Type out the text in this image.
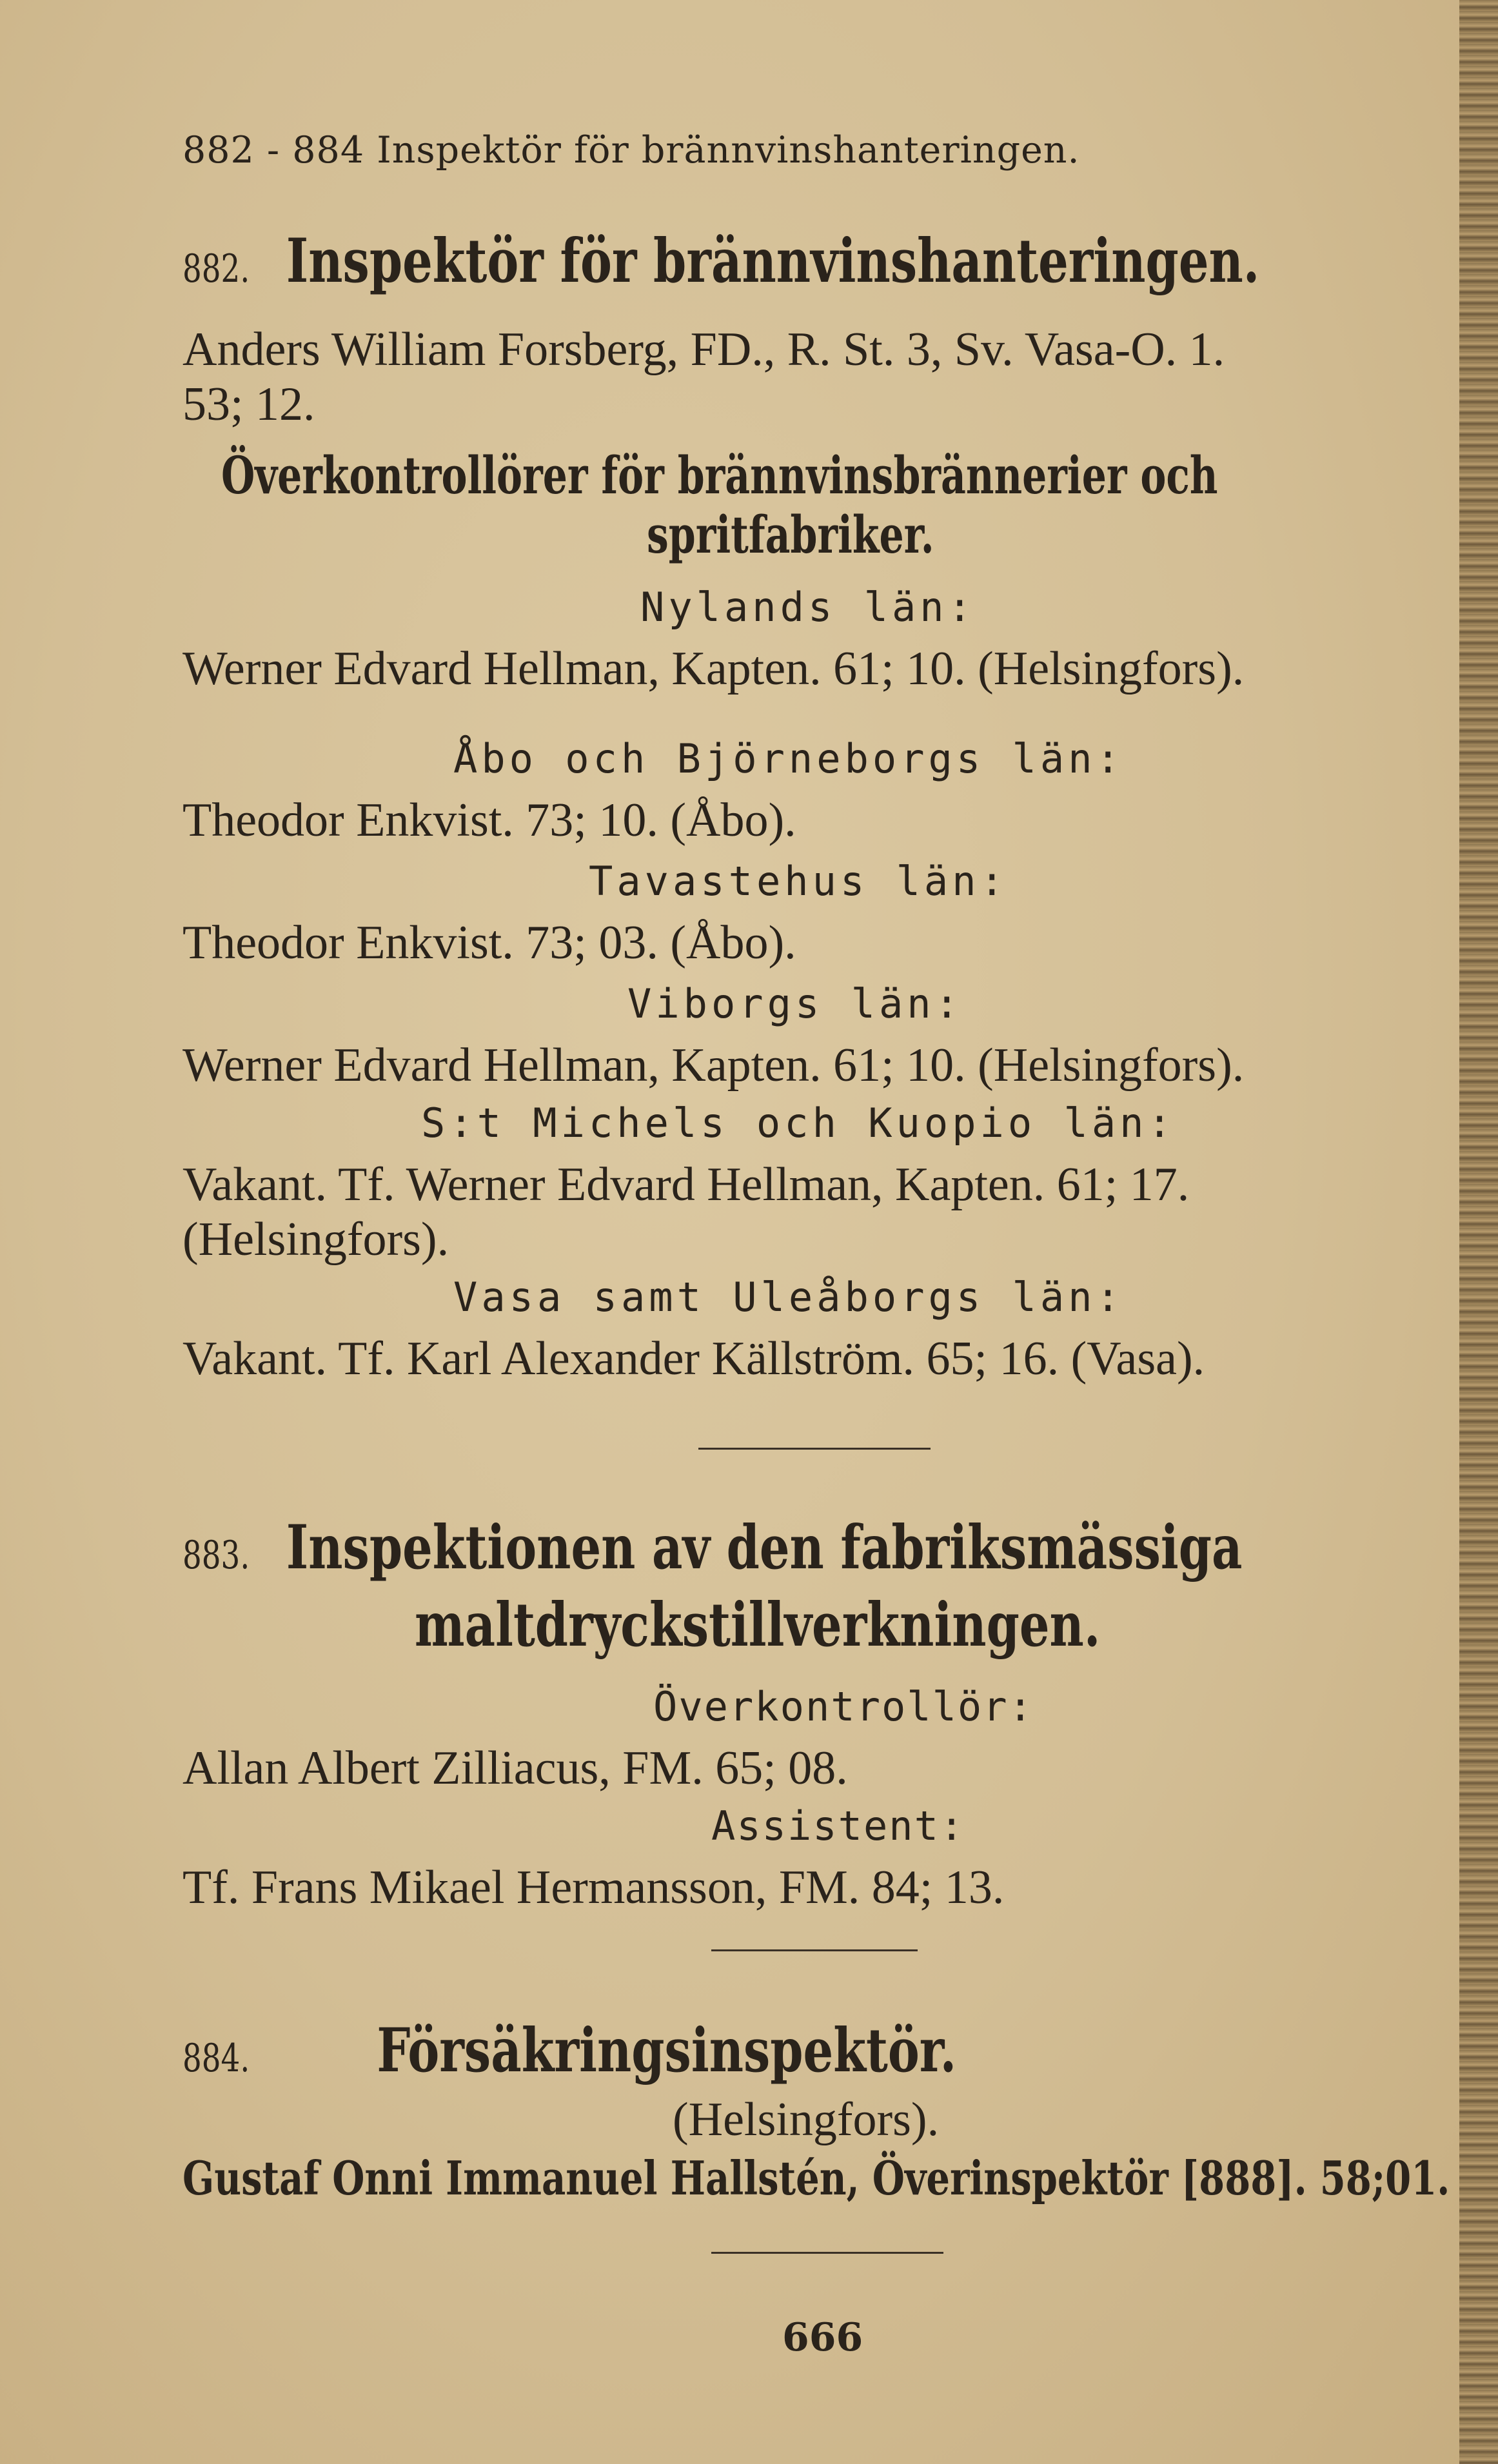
882 - 884 Inspektör för brännvinshanteringen.
882. Inspektör för brännvinshanteringen.
Anders William Forsberg, FD., R. St. 3, Sv. Vasa-O. 1.
53; 12.
Överkontrollörer för brännvinsbrännerier och
spritfabriker.
Nylands län:
Werner Edvard Hellman, Kapten. 61; 10. (Helsingfors).
Åbo och Björneborgs län:
Theodor Enkvist. 73; 10. (Åbo).
Tavastehus län:
Theodor Enkvist. 73; 03. (Åbo).
Viborgs län:
Werner Edvard Hellman, Kapten. 61; 10. (Helsingfors).
S:t Michels och Kuopio län:
Vakant. Tf. Werner Edvard Hellman, Kapten. 61; 17.
(Helsingfors).
Vasa samt Uleåborgs län:
Vakant. Tf. Karl Alexander Källström. 65; 16. (Vasa).
883. Inspektionen av den fabriksmässiga
maltdryckstillverkningen.
Överkontrollör:
Allan Albert Zilliacus, FM. 65; 08.
Assistent:
Tf. Frans Mikael Hermansson, FM. 84; 13.
884. Försäkringsinspektör.
(Helsingfors).
Gustaf Onni Immanuel Hallstén, Överinspektör [888]. 58;01.
666
